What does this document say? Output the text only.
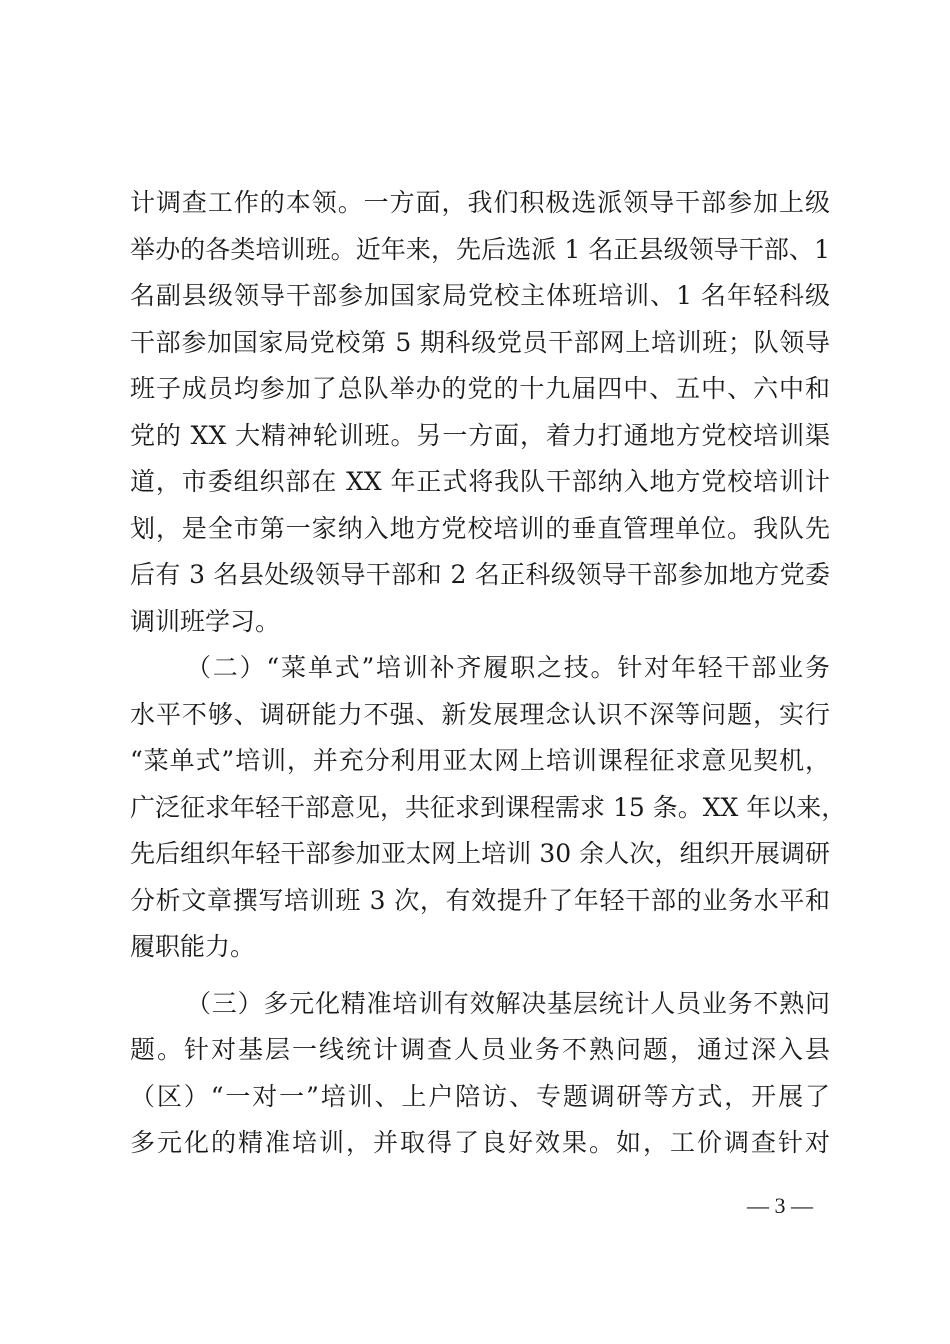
计调查工作的本领。一方面，我们积极选派领导干部参加上级
举办的各类培训班。近年来，先后选派 1 名正县级领导干部、1
名副县级领导干部参加国家局党校主体班培训、1 名年轻科级
干部参加国家局党校第 5 期科级党员干部网上培训班；队领导
班子成员均参加了总队举办的党的十九届四中、五中、六中和
党的 XX 大精神轮训班。另一方面，着力打通地方党校培训渠
道，市委组织部在 XX 年正式将我队干部纳入地方党校培训计
划，是全市第一家纳入地方党校培训的垂直管理单位。我队先
后有 3 名县处级领导干部和 2 名正科级领导干部参加地方党委
调训班学习。
（二）“菜单式”培训补齐履职之技。针对年轻干部业务
水平不够、调研能力不强、新发展理念认识不深等问题，实行
“菜单式”培训，并充分利用亚太网上培训课程征求意见契机，
广泛征求年轻干部意见，共征求到课程需求 15 条。XX 年以来，
先后组织年轻干部参加亚太网上培训 30 余人次，组织开展调研
分析文章撰写培训班 3 次，有效提升了年轻干部的业务水平和
履职能力。
（三）多元化精准培训有效解决基层统计人员业务不熟问
题。针对基层一线统计调查人员业务不熟问题，通过深入县
（区）“一对一”培训、上户陪访、专题调研等方式，开展了
多元化的精准培训，并取得了良好效果。如，工价调查针对
— 3 —
